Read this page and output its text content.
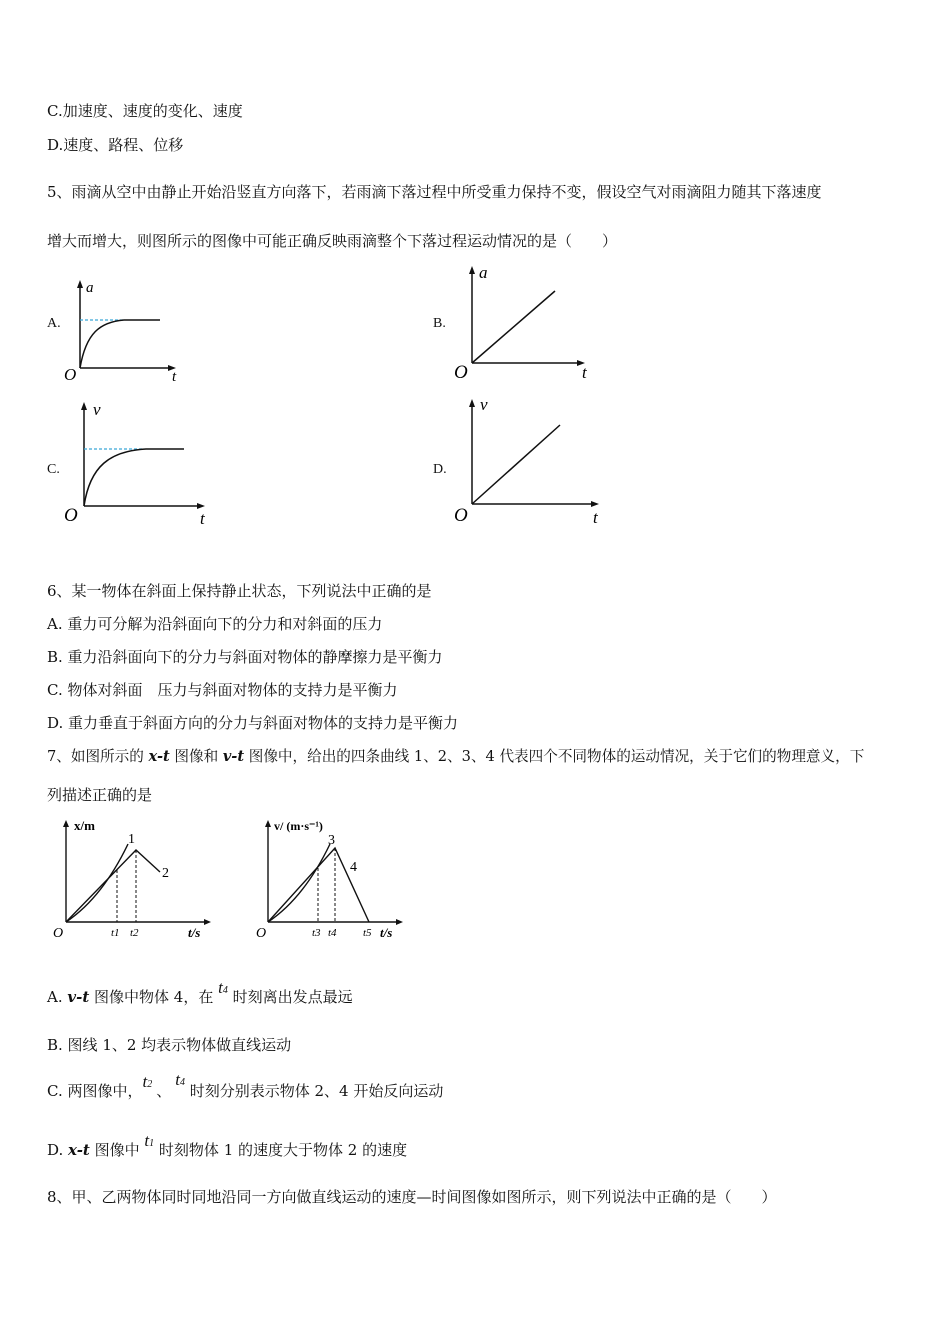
C.加速度、速度的变化、速度
D.速度、路程、位移
5、雨滴从空中由静止开始沿竖直方向落下，若雨滴下落过程中所受重力保持不变，假设空气对雨滴阻力随其下落速度
增大而增大，则图所示的图像中可能正确反映雨滴整个下落过程运动情况的是（　　）
A.	B.
C.	D.
a
O	t
a
O	t
v
O	t
v
O	t
6、某一物体在斜面上保持静止状态，下列说法中正确的是
A. 重力可分解为沿斜面向下的分力和对斜面的压力
B. 重力沿斜面向下的分力与斜面对物体的静摩擦力是平衡力
C. 物体对斜面　压力与斜面对物体的支持力是平衡力
D. 重力垂直于斜面方向的分力与斜面对物体的支持力是平衡力
7、如图所示的 x-t 图像和 v-t 图像中，给出的四条曲线 1、2、3、4 代表四个不同物体的运动情况，关于它们的物理意义，下
列描述正确的是
x/m
1
2
O	t1 t2	t/s
v/ (m·s⁻¹)
3
4
O	t3 t4 t5 t/s
A. v-t 图像中物体 4，在 t4 时刻离出发点最远
B. 图线 1、2 均表示物体做直线运动
C. 两图像中，t2 、t4 时刻分别表示物体 2、4 开始反向运动
D. x-t 图像中 t1 时刻物体 1 的速度大于物体 2 的速度
8、甲、乙两物体同时同地沿同一方向做直线运动的速度—时间图像如图所示，则下列说法中正确的是（　　）
